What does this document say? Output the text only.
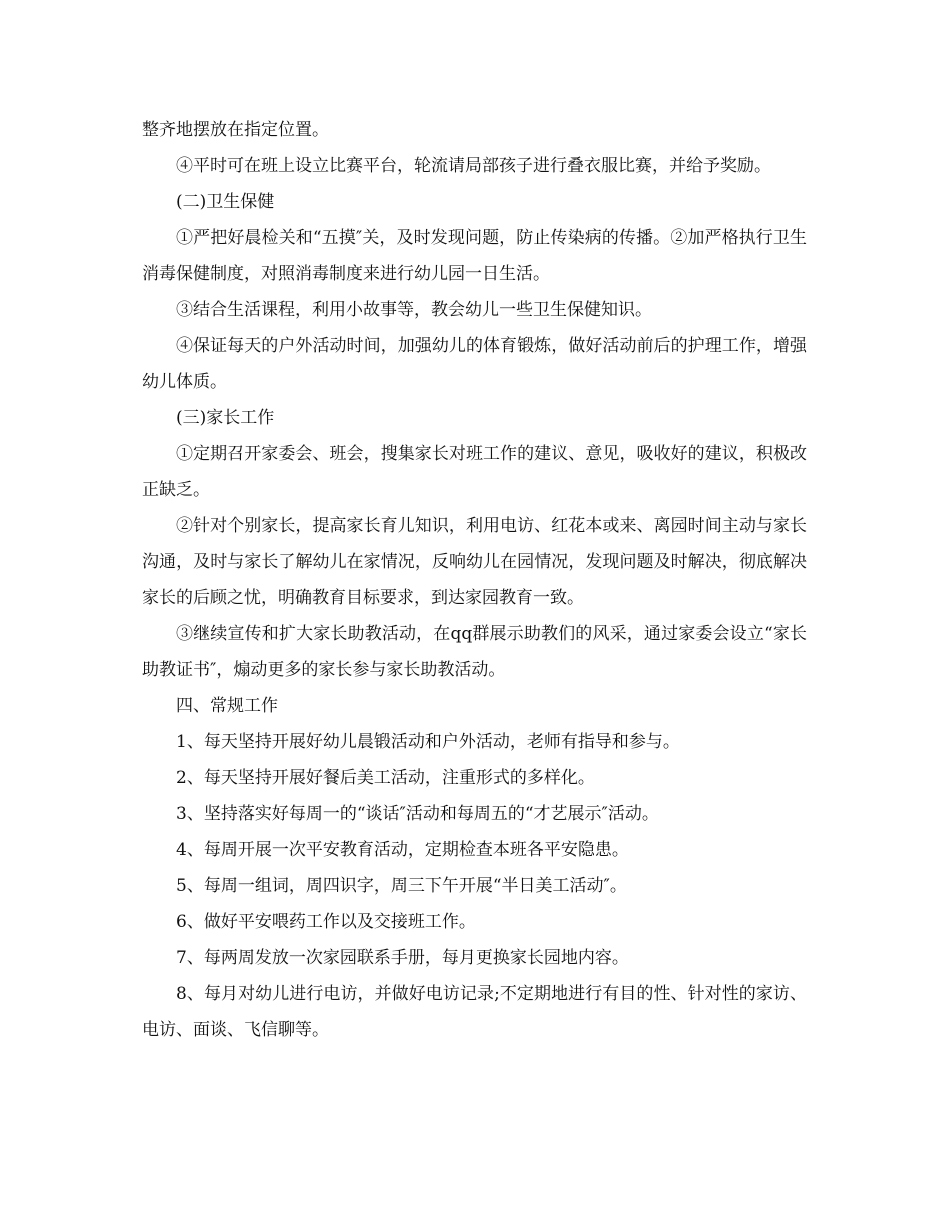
整齐地摆放在指定位置。

④平时可在班上设立比赛平台，轮流请局部孩子进行叠衣服比赛，并给予奖励。

(二)卫生保健

①严把好晨检关和“五摸″关，及时发现问题，防止传染病的传播。②加严格执行卫生消毒保健制度，对照消毒制度来进行幼儿园一日生活。

③结合生活课程，利用小故事等，教会幼儿一些卫生保健知识。

④保证每天的户外活动时间，加强幼儿的体育锻炼，做好活动前后的护理工作，增强幼儿体质。

(三)家长工作

①定期召开家委会、班会，搜集家长对班工作的建议、意见，吸收好的建议，积极改正缺乏。

②针对个别家长，提高家长育儿知识，利用电访、红花本或来、离园时间主动与家长沟通，及时与家长了解幼儿在家情况，反响幼儿在园情况，发现问题及时解决，彻底解决家长的后顾之忧，明确教育目标要求，到达家园教育一致。

③继续宣传和扩大家长助教活动，在qq群展示助教们的风采，通过家委会设立“家长助教证书″，煽动更多的家长参与家长助教活动。

四、常规工作

1、每天坚持开展好幼儿晨锻活动和户外活动，老师有指导和参与。

2、每天坚持开展好餐后美工活动，注重形式的多样化。

3、坚持落实好每周一的“谈话″活动和每周五的“才艺展示″活动。

4、每周开展一次平安教育活动，定期检查本班各平安隐患。

5、每周一组词，周四识字，周三下午开展“半日美工活动″。

6、做好平安喂药工作以及交接班工作。

7、每两周发放一次家园联系手册，每月更换家长园地内容。

8、每月对幼儿进行电访，并做好电访记录;不定期地进行有目的性、针对性的家访、电访、面谈、飞信聊等。
